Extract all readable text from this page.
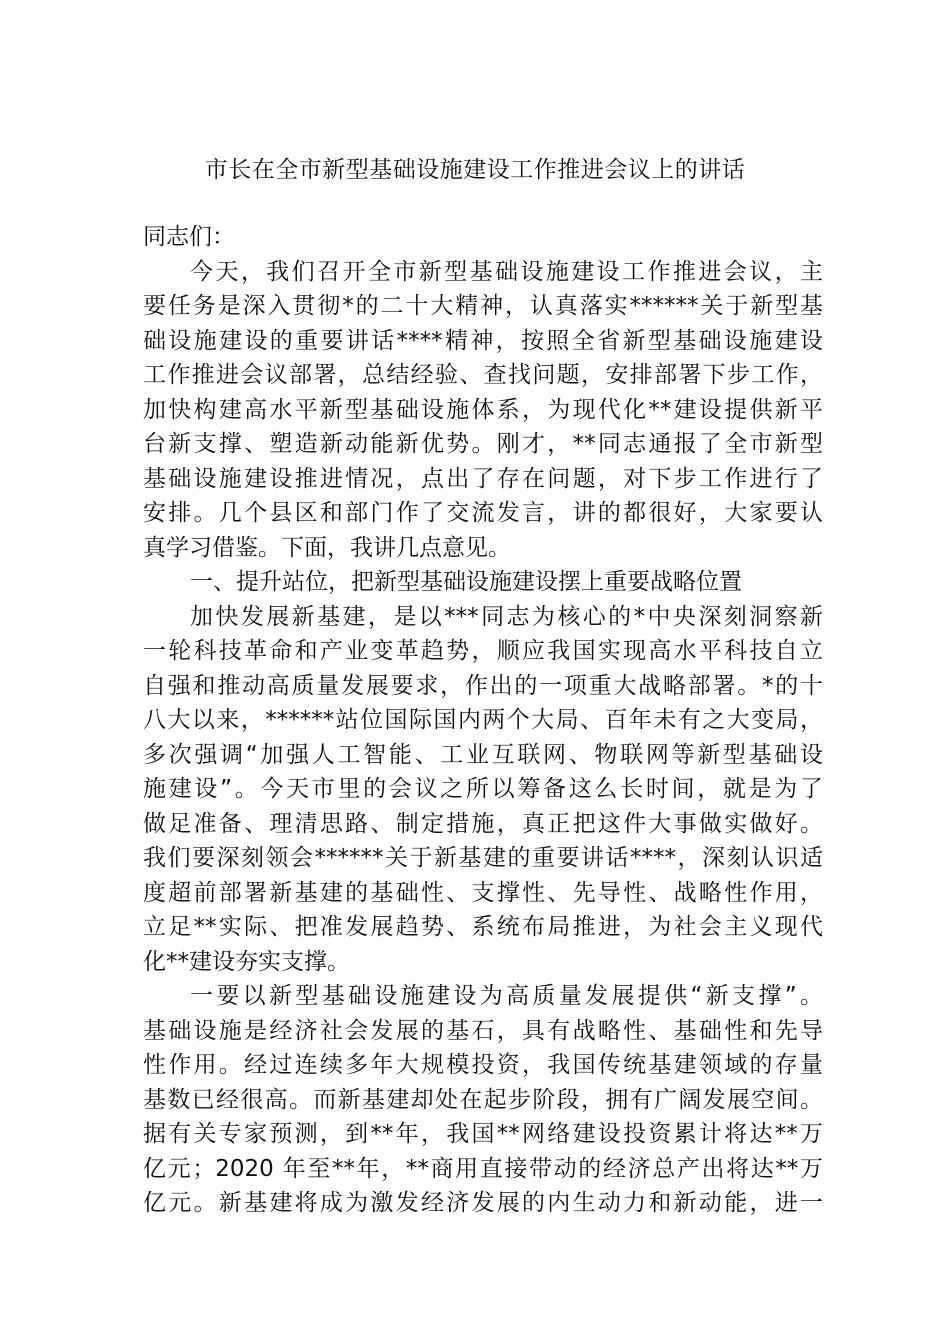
市长在全市新型基础设施建设工作推进会议上的讲话
同志们：
今天，我们召开全市新型基础设施建设工作推进会议，主
要任务是深入贯彻*的二十大精神，认真落实******关于新型基
础设施建设的重要讲话****精神，按照全省新型基础设施建设
工作推进会议部署，总结经验、查找问题，安排部署下步工作，
加快构建高水平新型基础设施体系，为现代化**建设提供新平
台新支撑、塑造新动能新优势。刚才，**同志通报了全市新型
基础设施建设推进情况，点出了存在问题，对下步工作进行了
安排。几个县区和部门作了交流发言，讲的都很好，大家要认
真学习借鉴。下面，我讲几点意见。
一、提升站位，把新型基础设施建设摆上重要战略位置
加快发展新基建，是以***同志为核心的*中央深刻洞察新
一轮科技革命和产业变革趋势，顺应我国实现高水平科技自立
自强和推动高质量发展要求，作出的一项重大战略部署。*的十
八大以来，******站位国际国内两个大局、百年未有之大变局，
多次强调“加强人工智能、工业互联网、物联网等新型基础设
施建设”。今天市里的会议之所以筹备这么长时间，就是为了
做足准备、理清思路、制定措施，真正把这件大事做实做好。
我们要深刻领会******关于新基建的重要讲话****，深刻认识适
度超前部署新基建的基础性、支撑性、先导性、战略性作用，
立足**实际、把准发展趋势、系统布局推进，为社会主义现代
化**建设夯实支撑。
一要以新型基础设施建设为高质量发展提供“新支撑”。
基础设施是经济社会发展的基石，具有战略性、基础性和先导
性作用。经过连续多年大规模投资，我国传统基建领域的存量
基数已经很高。而新基建却处在起步阶段，拥有广阔发展空间。
据有关专家预测，到**年，我国**网络建设投资累计将达**万
亿元；2020 年至**年，**商用直接带动的经济总产出将达**万
亿元。新基建将成为激发经济发展的内生动力和新动能，进一
